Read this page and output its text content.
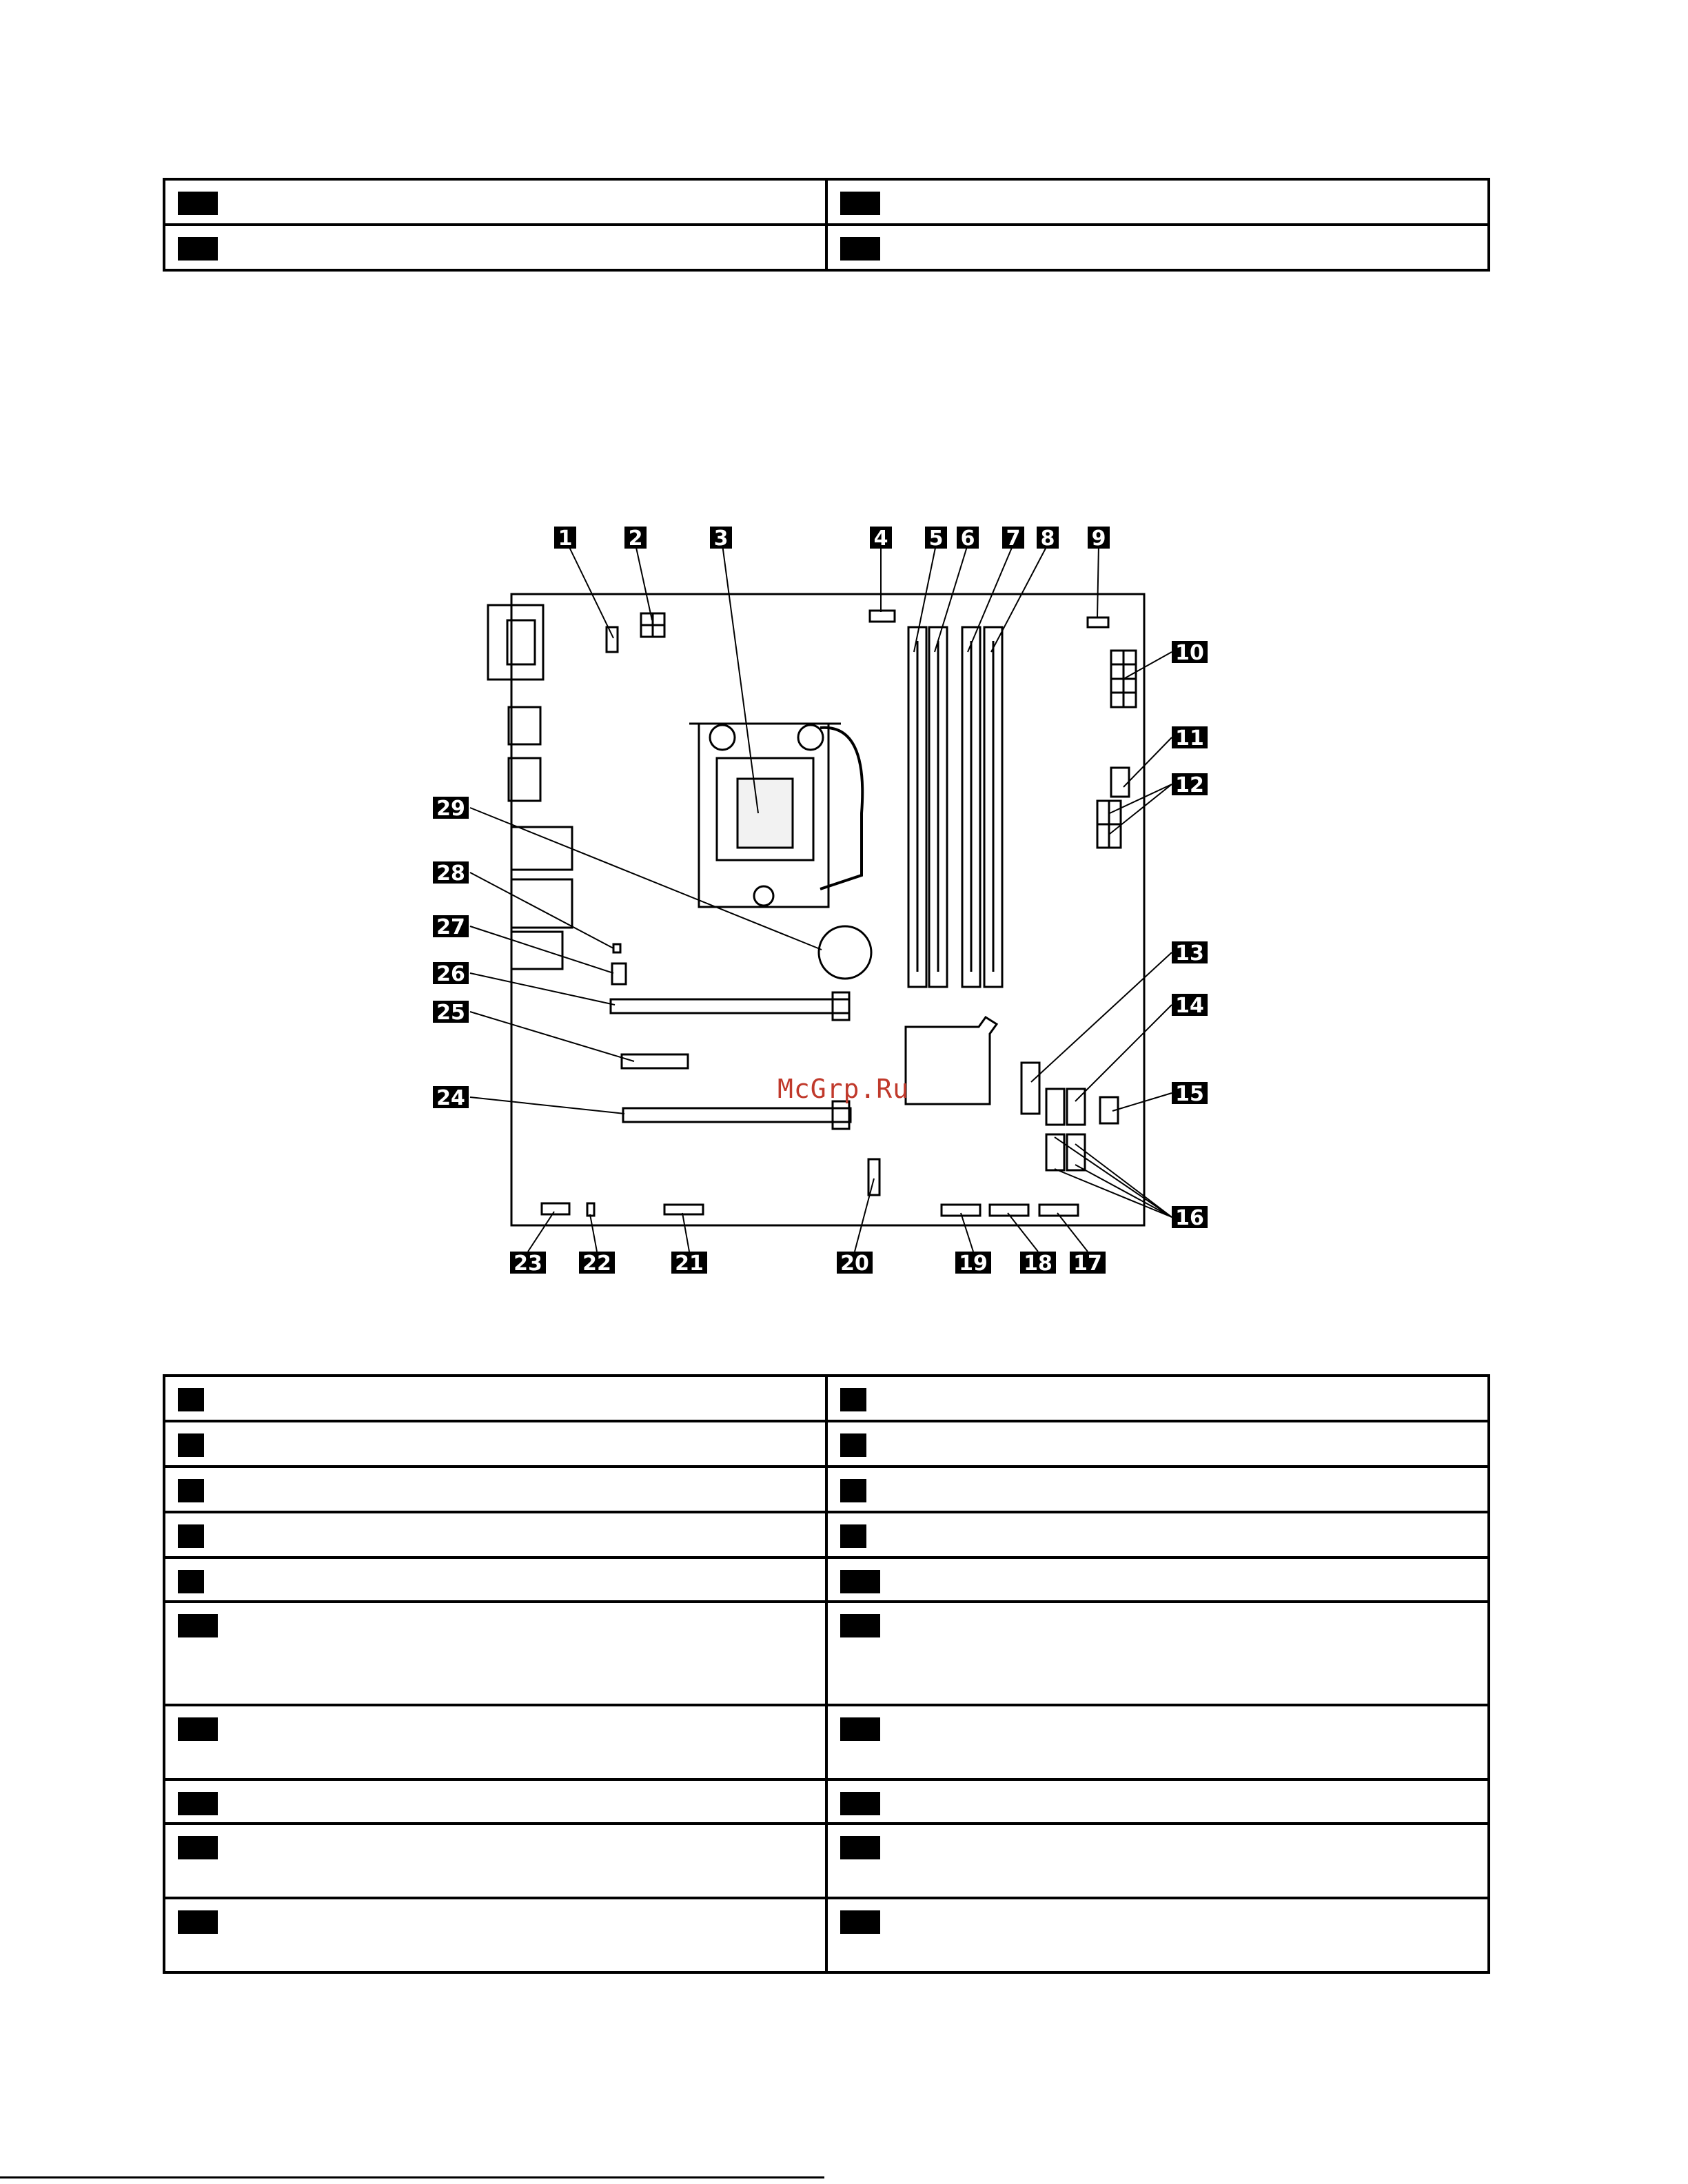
1	2	3	4 5 6 7 8 9
10
11
12
13
14
15
16
17
18
19
20
21
22
23
24
25
26
27
28
29
McGrp.Ru
